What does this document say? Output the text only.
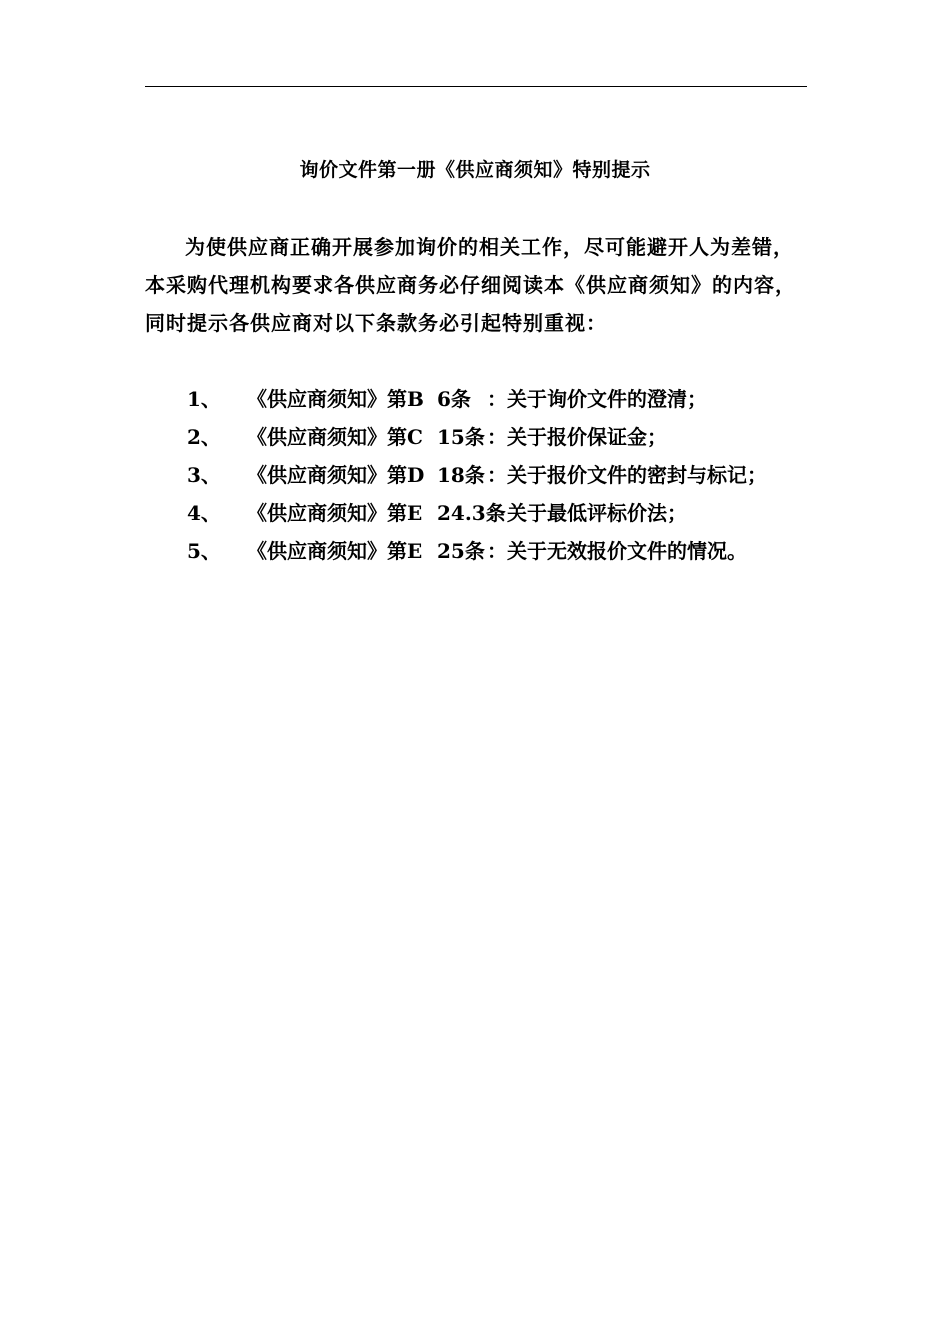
询价文件第一册《供应商须知》特别提示

为使供应商正确开展参加询价的相关工作，尽可能避开人为差错，本采购代理机构要求各供应商务必仔细阅读本《供应商须知》的内容，同时提示各供应商对以下条款务必引起特别重视：

1、	《供应商须知》第B 6条 ：关于询价文件的澄清；
2、	《供应商须知》第C 15条 ：关于报价保证金；
3、	《供应商须知》第D 18条 ：关于报价文件的密封与标记；
4、	《供应商须知》第E 24.3条
：关于最低评标价法；
5、	《供应商须知》第E 25条 ：关于无效报价文件的情况。
